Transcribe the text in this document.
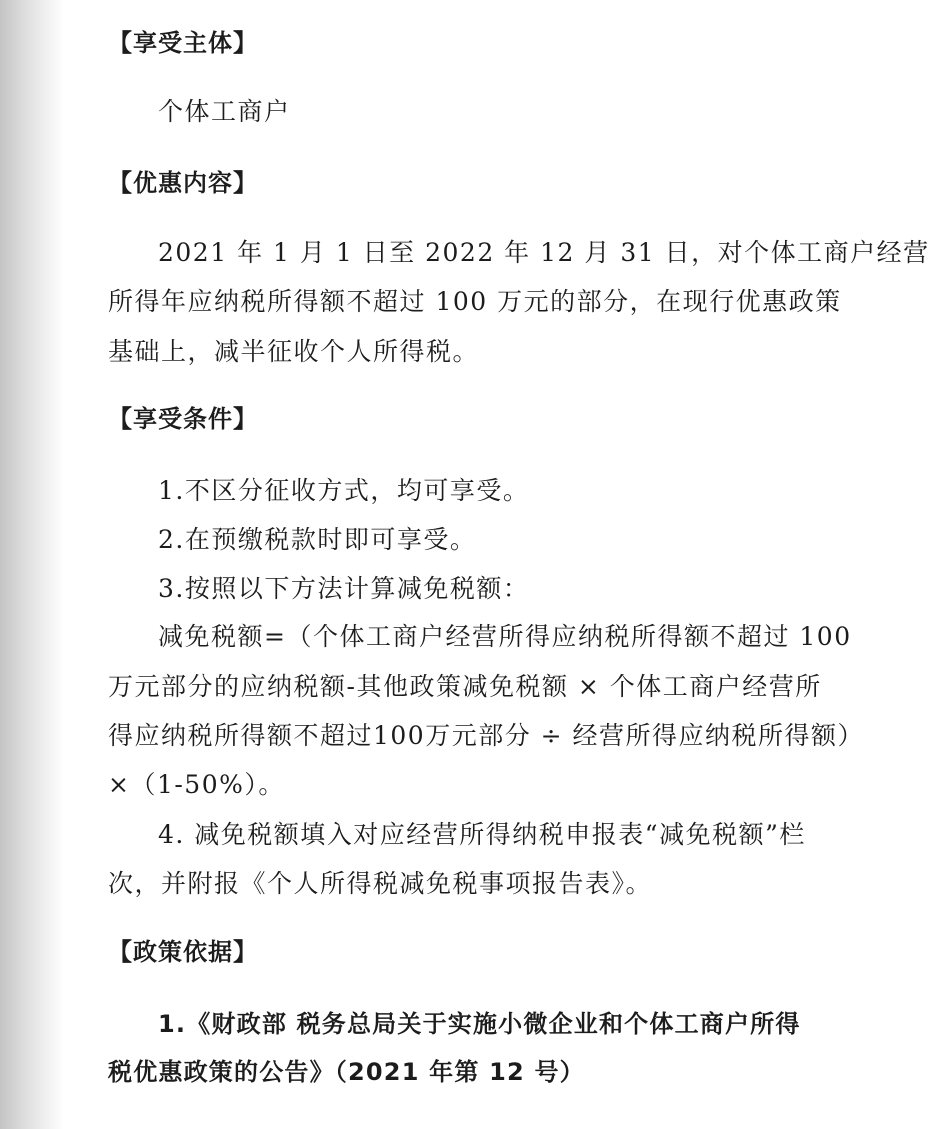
【享受主体】
个体工商户
【优惠内容】
2021 年 1 月 1 日至 2022 年 12 月 31 日，对个体工商户经营
所得年应纳税所得额不超过 100 万元的部分，在现行优惠政策
基础上，减半征收个人所得税。
【享受条件】
1.不区分征收方式，均可享受。
2.在预缴税款时即可享受。
3.按照以下方法计算减免税额：
减免税额=（个体工商户经营所得应纳税所得额不超过 100
万元部分的应纳税额-其他政策减免税额 × 个体工商户经营所
得应纳税所得额不超过100万元部分 ÷ 经营所得应纳税所得额）
×（1-50%）。
4. 减免税额填入对应经营所得纳税申报表“减免税额”栏
次，并附报《个人所得税减免税事项报告表》。
【政策依据】
1.《财政部 税务总局关于实施小微企业和个体工商户所得
税优惠政策的公告》（2021 年第 12 号）
